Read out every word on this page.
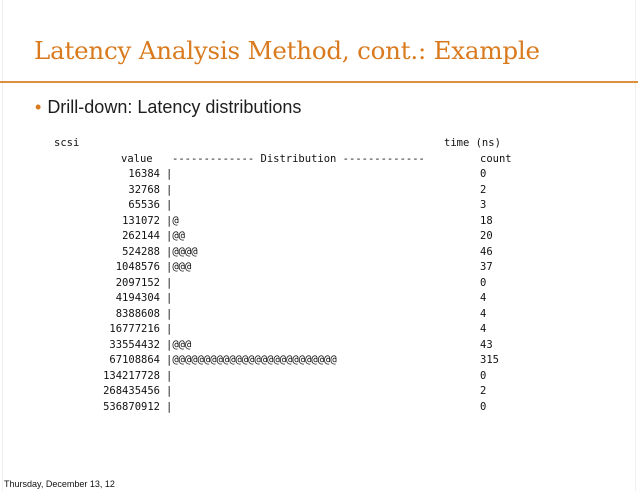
Latency Analysis Method, cont.: Example
• Drill-down: Latency distributions
scsi	time (ns)
value ------------- Distribution -------------	count
16384 |	0
32768 |	2
65536 |	3
131072 |@	18
262144 |@@	20
524288 |@@@@	46
1048576 |@@@	37
2097152 |	0
4194304 |	4
8388608 |	4
16777216 |	4
33554432 |@@@	43
67108864 |@@@@@@@@@@@@@@@@@@@@@@@@@@	315
134217728 |	0
268435456 |	2
536870912 |	0
Thursday, December 13, 12
